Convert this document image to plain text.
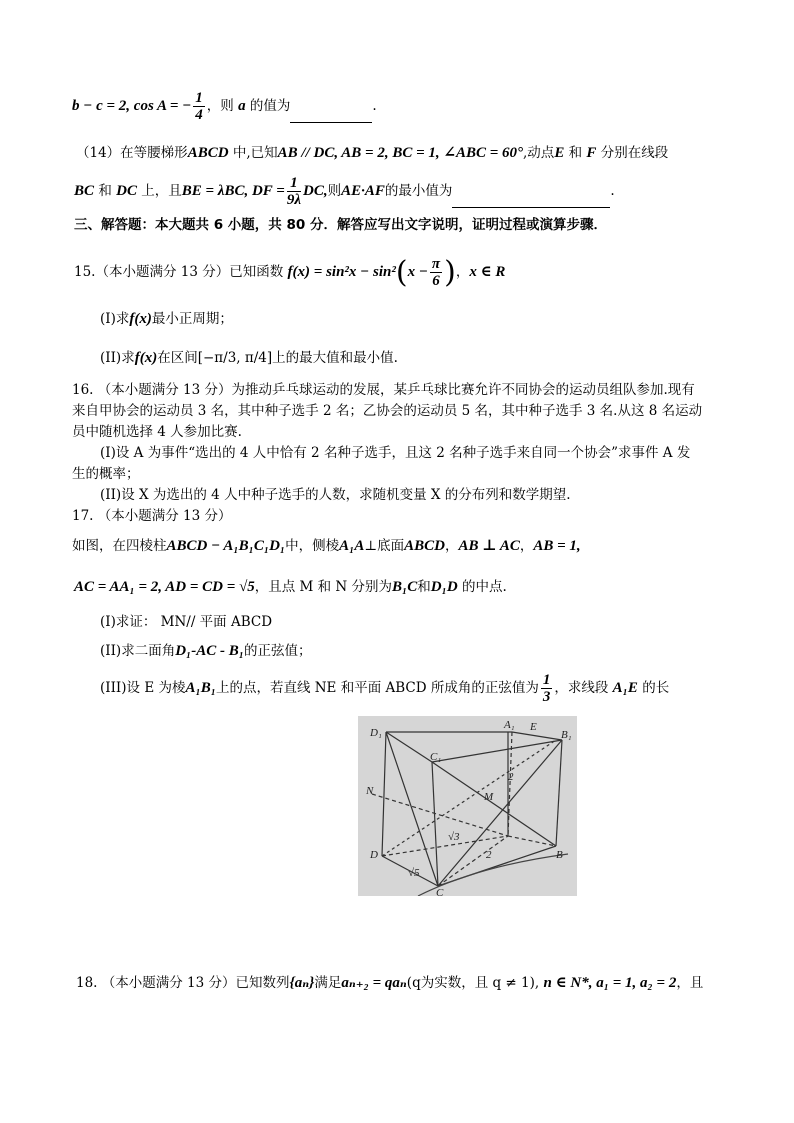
b − c = 2, cos A = − $\frac{1}{4}$ ，则 a 的值为	.
（14）在等腰梯形ABCD 中,已知AB // DC, AB = 2, BC = 1, ∠ABC = 60°,动点E 和 F 分别在线段
BC 和 DC 上，且BE = λBC, DF = $\frac{1}{9\lambda}$ DC,则AE·AF的最小值为	.
三、解答题：本大题共 6 小题，共 80 分．解答应写出文字说明，证明过程或演算步骤．
15.（本小题满分 13 分）已知函数 $f(x) = \sin^2x - \sin^2(x - \frac{\pi}{6}$ )，x ∈ R
(I)求f(x)最小正周期；
(II)求f(x)在区间[−π/3, π/4]上的最大值和最小值.
16. （本小题满分 13 分）为推动乒乓球运动的发展，某乒乓球比赛允许不同协会的运动员组队参加.现有
来自甲协会的运动员 3 名，其中种子选手 2 名；乙协会的运动员 5 名，其中种子选手 3 名.从这 8 名运动
员中随机选择 4 人参加比赛.
(I)设 A 为事件“选出的 4 人中恰有 2 名种子选手，且这 2 名种子选手来自同一个协会”求事件 A 发
生的概率；
(II)设 X 为选出的 4 人中种子选手的人数，求随机变量 X 的分布列和数学期望.
17. （本小题满分 13 分）
如图，在四棱柱ABCD − A₁B₁C₁D₁中，侧棱A₁A⊥底面ABCD，AB ⊥ AC，AB = 1,
AC = AA₁ = 2, AD = CD = √5，且点 M 和 N 分别为B₁C和D₁D 的中点.
(I)求证： MN// 平面 ABCD
(II)求二面角D₁-AC - B₁的正弦值；
(III)设 E 为棱A₁B₁上的点，若直线 NE 和平面 ABCD 所成角的正弦值为 $\frac{1}{3}$ ，求线段 A₁E 的长
D₁
C₁
A₁
B₁
N	M
D
C
B
E
2
√3
2
√5
18. （本小题满分 13 分）已知数列{aₙ}满足aₙ₊₂ = qaₙ(q为实数，且 q ≠ 1), n ∈ N*, a₁ = 1, a₂ = 2，且
